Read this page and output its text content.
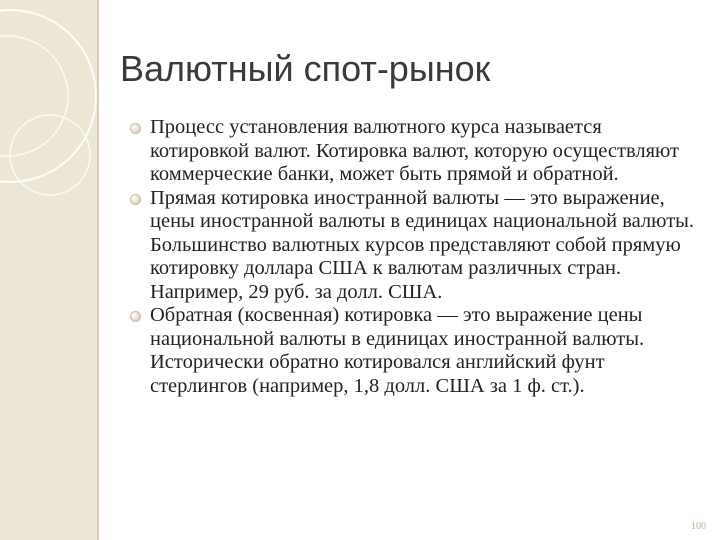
Валютный спот-рынок
Процесс установления валютного курса называется котировкой валют. Котировка валют, которую осуществляют коммерческие банки, может быть прямой и обратной.
Прямая котировка иностранной валюты — это выражение, цены иностранной валюты в единицах национальной валюты. Большинство валютных курсов представляют собой прямую котировку доллара США к валютам различных стран. Например, 29 руб. за долл. США.
Обратная (косвенная) котировка — это выражение цены национальной валюты в единицах иностранной валюты. Исторически обратно котировался английский фунт стерлингов (например, 1,8 долл. США за 1 ф. ст.).
100
